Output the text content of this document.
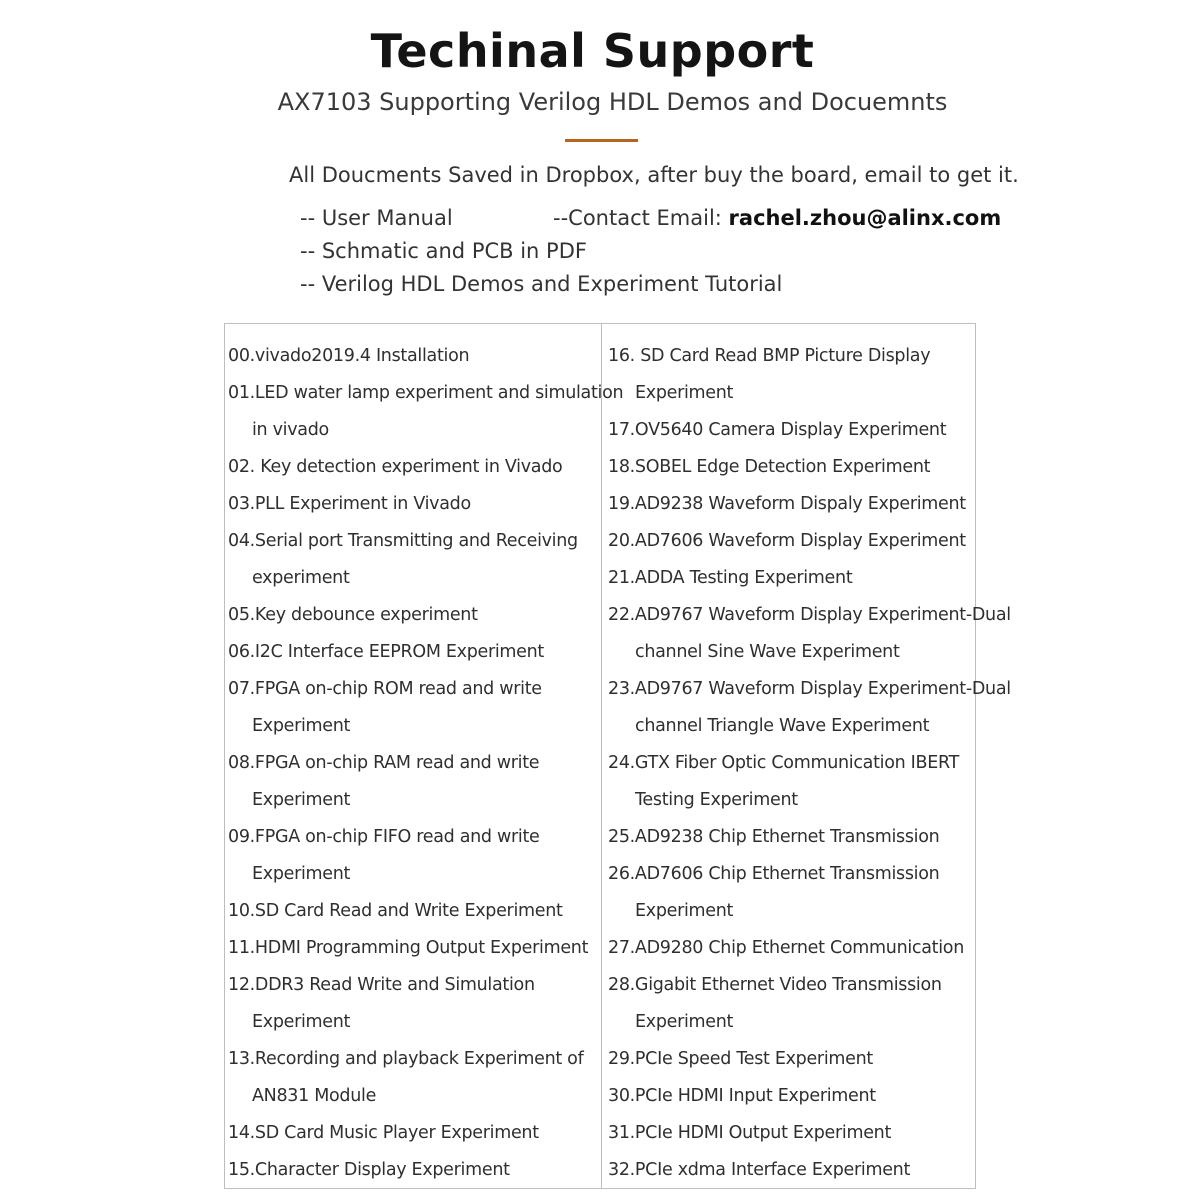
Techinal Support
AX7103 Supporting Verilog HDL Demos and Docuemnts
All Doucments Saved in Dropbox, after buy the board, email to get it.
-- User Manual
-- Schmatic and PCB in PDF
-- Verilog HDL Demos and Experiment Tutorial
--Contact Email: rachel.zhou@alinx.com
00.vivado2019.4 Installation
01.LED water lamp experiment and simulation
in vivado
02. Key detection experiment in Vivado
03.PLL Experiment in Vivado
04.Serial port Transmitting and Receiving
experiment
05.Key debounce experiment
06.I2C Interface EEPROM Experiment
07.FPGA on-chip ROM read and write
Experiment
08.FPGA on-chip RAM read and write
Experiment
09.FPGA on-chip FIFO read and write
Experiment
10.SD Card Read and Write Experiment
11.HDMI Programming Output Experiment
12.DDR3 Read Write and Simulation
Experiment
13.Recording and playback Experiment of
AN831 Module
14.SD Card Music Player Experiment
15.Character Display Experiment
16. SD Card Read BMP Picture Display
Experiment
17.OV5640 Camera Display Experiment
18.SOBEL Edge Detection Experiment
19.AD9238 Waveform Dispaly Experiment
20.AD7606 Waveform Display Experiment
21.ADDA Testing Experiment
22.AD9767 Waveform Display Experiment-Dual
channel Sine Wave Experiment
23.AD9767 Waveform Display Experiment-Dual
channel Triangle Wave Experiment
24.GTX Fiber Optic Communication IBERT
Testing Experiment
25.AD9238 Chip Ethernet Transmission
26.AD7606 Chip Ethernet Transmission
Experiment
27.AD9280 Chip Ethernet Communication
28.Gigabit Ethernet Video Transmission
Experiment
29.PCIe Speed Test Experiment
30.PCIe HDMI Input Experiment
31.PCIe HDMI Output Experiment
32.PCIe xdma Interface Experiment
